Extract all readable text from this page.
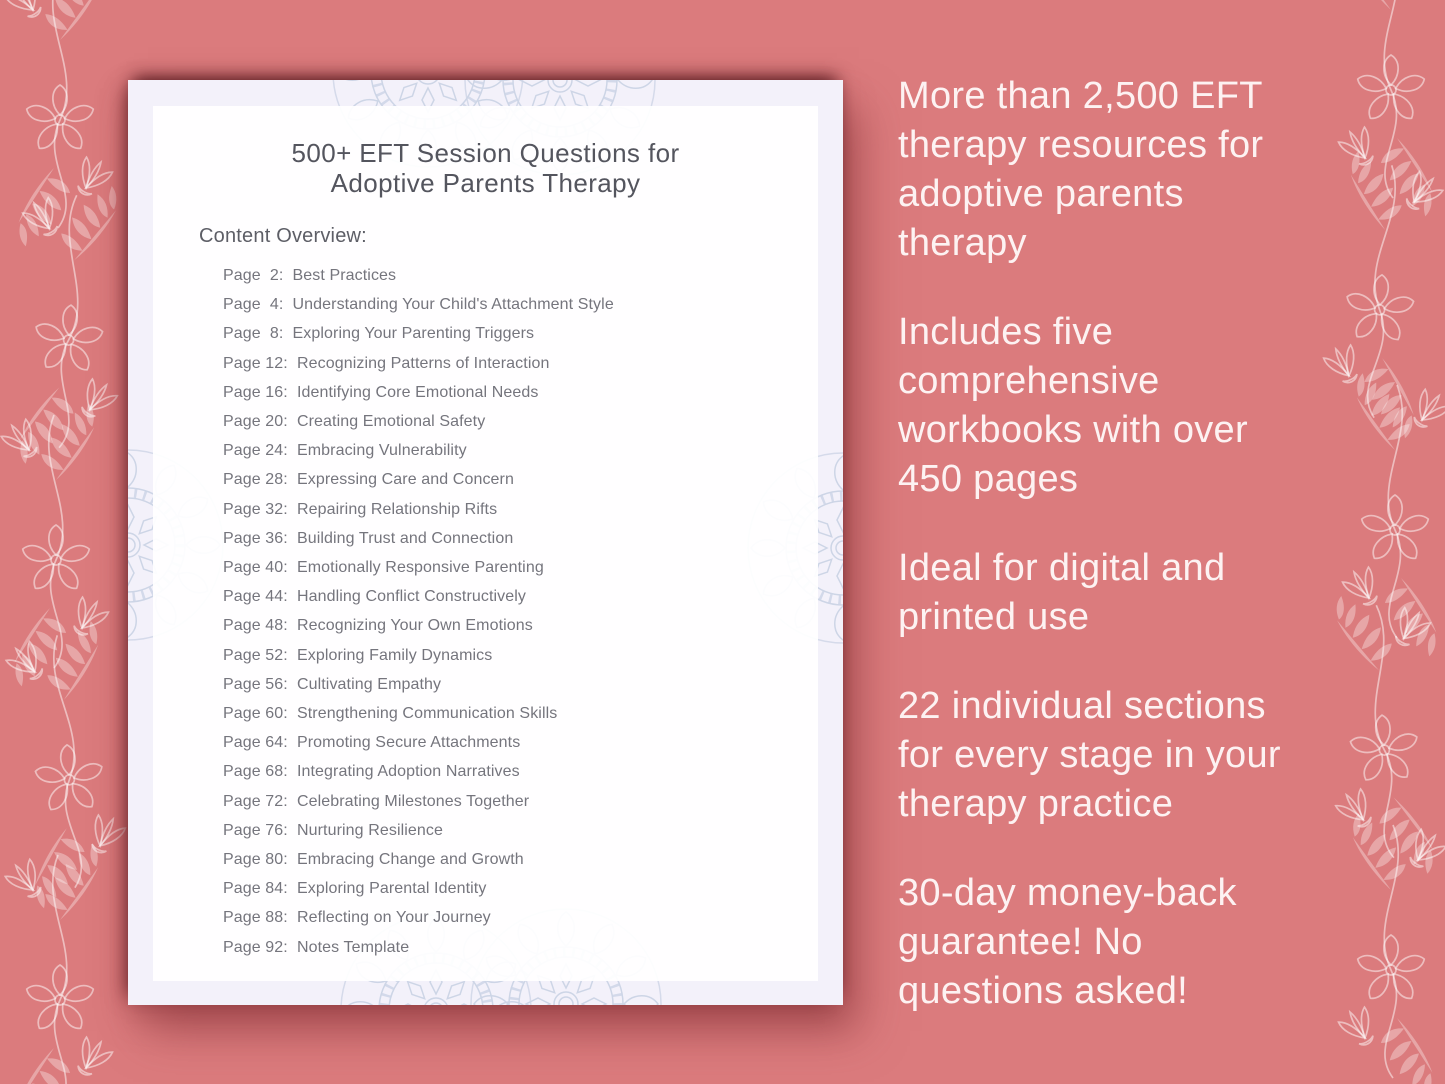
500+ EFT Session Questions for
Adoptive Parents Therapy
Content Overview:
Page  2:  Best Practices
Page  4:  Understanding Your Child's Attachment Style
Page  8:  Exploring Your Parenting Triggers
Page 12:  Recognizing Patterns of Interaction
Page 16:  Identifying Core Emotional Needs
Page 20:  Creating Emotional Safety
Page 24:  Embracing Vulnerability
Page 28:  Expressing Care and Concern
Page 32:  Repairing Relationship Rifts
Page 36:  Building Trust and Connection
Page 40:  Emotionally Responsive Parenting
Page 44:  Handling Conflict Constructively
Page 48:  Recognizing Your Own Emotions
Page 52:  Exploring Family Dynamics
Page 56:  Cultivating Empathy
Page 60:  Strengthening Communication Skills
Page 64:  Promoting Secure Attachments
Page 68:  Integrating Adoption Narratives
Page 72:  Celebrating Milestones Together
Page 76:  Nurturing Resilience
Page 80:  Embracing Change and Growth
Page 84:  Exploring Parental Identity
Page 88:  Reflecting on Your Journey
Page 92:  Notes Template

More than 2,500 EFT
therapy resources for
adoptive parents
therapy

Includes five
comprehensive
workbooks with over
450 pages

Ideal for digital and
printed use

22 individual sections
for every stage in your
therapy practice

30-day money-back
guarantee! No
questions asked!
